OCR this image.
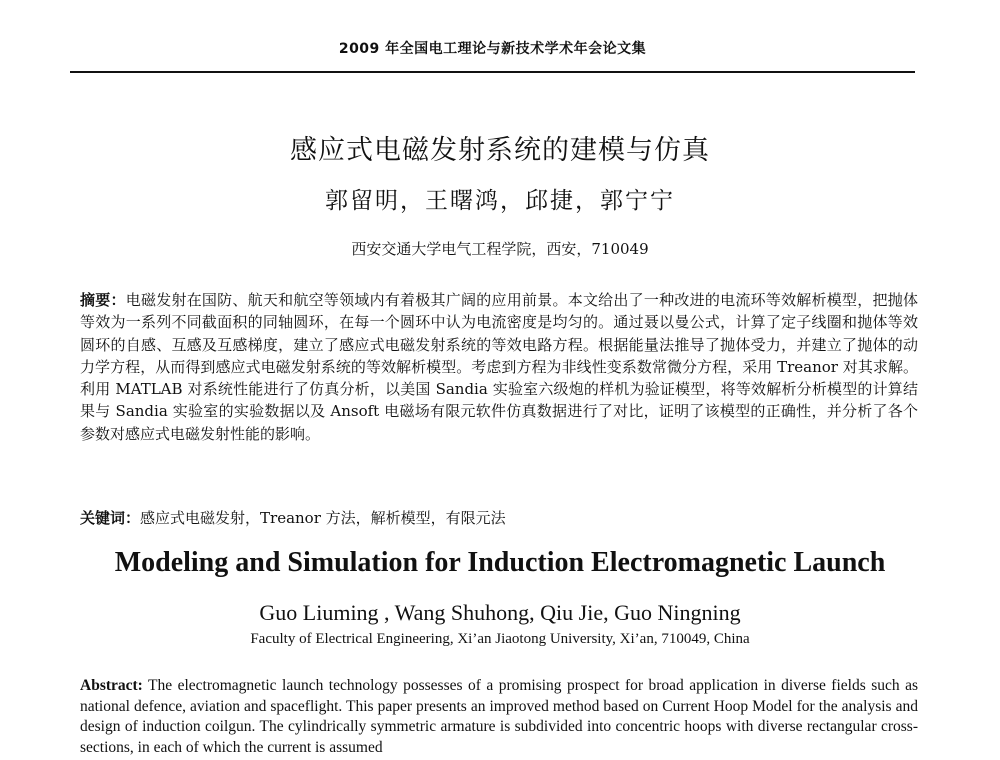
2009 年全国电工理论与新技术学术年会论文集
感应式电磁发射系统的建模与仿真
郭留明，王曙鸿，邱捷，郭宁宁
西安交通大学电气工程学院，西安，710049
摘要：电磁发射在国防、航天和航空等领域内有着极其广阔的应用前景。本文给出了一种改进的电流环等效解析模型，把抛体等效为一系列不同截面积的同轴圆环，在每一个圆环中认为电流密度是均匀的。通过聂以曼公式，计算了定子线圈和抛体等效圆环的自感、互感及互感梯度，建立了感应式电磁发射系统的等效电路方程。根据能量法推导了抛体受力，并建立了抛体的动力学方程，从而得到感应式电磁发射系统的等效解析模型。考虑到方程为非线性变系数常微分方程，采用 Treanor 对其求解。利用 MATLAB 对系统性能进行了仿真分析，以美国 Sandia 实验室六级炮的样机为验证模型，将等效解析分析模型的计算结果与 Sandia 实验室的实验数据以及 Ansoft 电磁场有限元软件仿真数据进行了对比，证明了该模型的正确性，并分析了各个参数对感应式电磁发射性能的影响。
关键词：感应式电磁发射，Treanor 方法，解析模型，有限元法
Modeling and Simulation for Induction Electromagnetic Launch
Guo Liuming , Wang Shuhong, Qiu Jie, Guo Ningning
Faculty of Electrical Engineering, Xi’an Jiaotong University, Xi’an, 710049, China
Abstract: The electromagnetic launch technology possesses of a promising prospect for broad application in diverse fields such as national defence, aviation and spaceflight. This paper presents an improved method based on Current Hoop Model for the analysis and design of induction coilgun. The cylindrically symmetric armature is subdivided into concentric hoops with diverse rectangular cross-sections, in each of which the current is assumed
